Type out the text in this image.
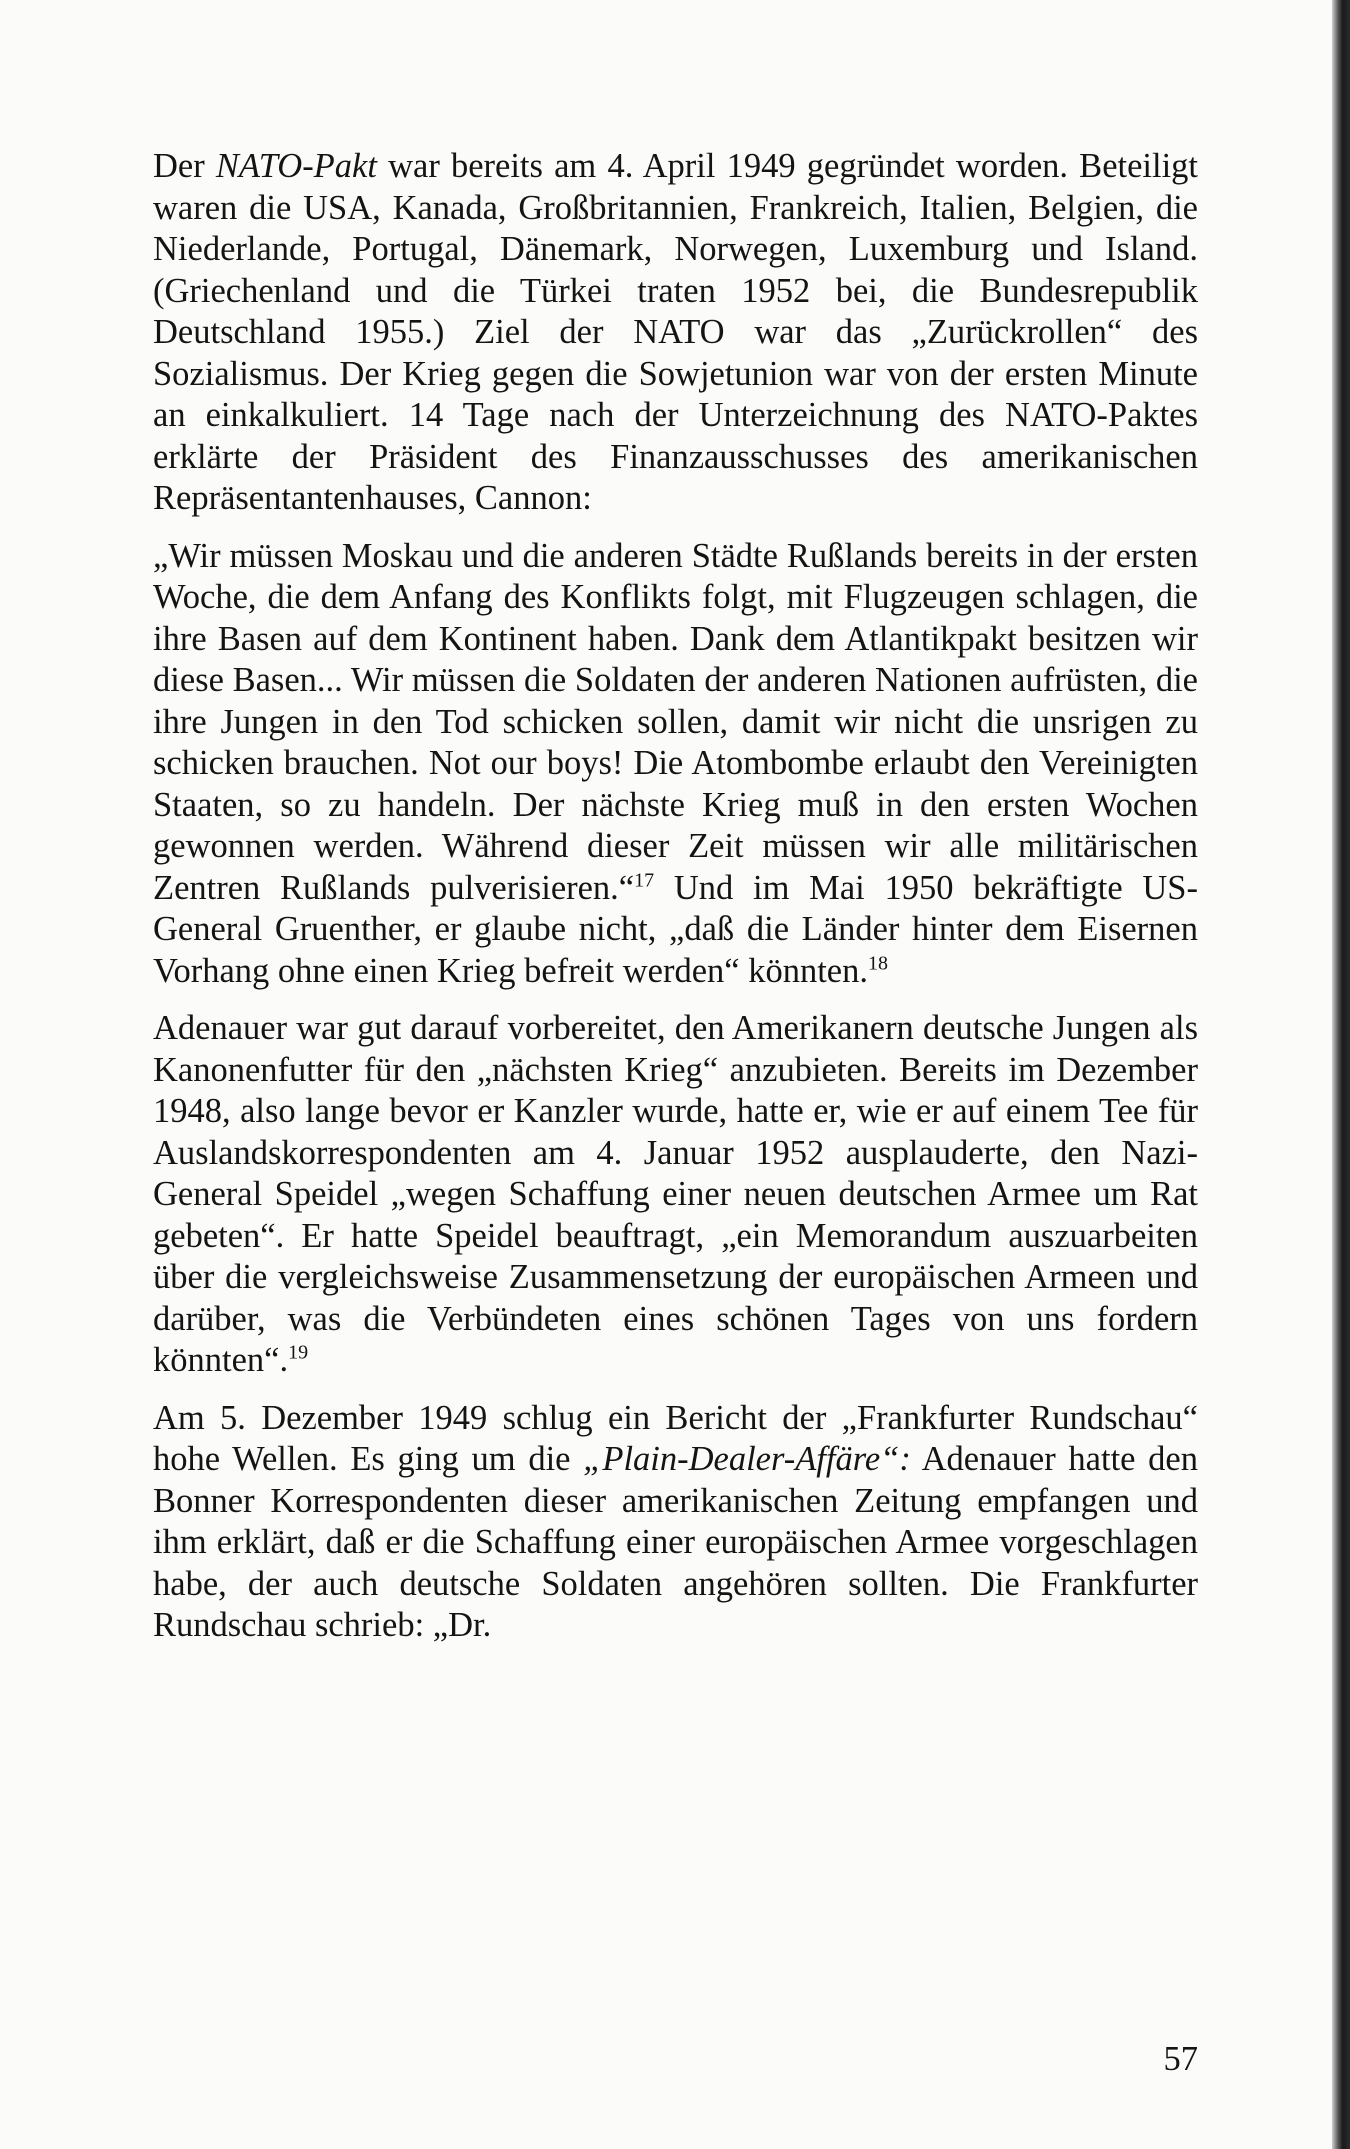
Der NATO-Pakt war bereits am 4. April 1949 gegründet worden. Beteiligt waren die USA, Kanada, Großbritannien, Frankreich, Italien, Belgien, die Niederlande, Portugal, Dänemark, Norwegen, Luxemburg und Island. (Griechenland und die Türkei traten 1952 bei, die Bundesrepublik Deutschland 1955.) Ziel der NATO war das „Zurückrollen“ des Sozialismus. Der Krieg gegen die Sowjetunion war von der ersten Minute an einkalkuliert. 14 Tage nach der Unterzeichnung des NATO-Paktes erklärte der Präsident des Finanzausschusses des amerikanischen Repräsentantenhauses, Cannon:

„Wir müssen Moskau und die anderen Städte Rußlands bereits in der ersten Woche, die dem Anfang des Konflikts folgt, mit Flugzeugen schlagen, die ihre Basen auf dem Kontinent haben. Dank dem Atlantikpakt besitzen wir diese Basen... Wir müssen die Soldaten der anderen Nationen aufrüsten, die ihre Jungen in den Tod schicken sollen, damit wir nicht die unsrigen zu schicken brauchen. Not our boys! Die Atombombe erlaubt den Vereinigten Staaten, so zu handeln. Der nächste Krieg muß in den ersten Wochen gewonnen werden. Während dieser Zeit müssen wir alle militärischen Zentren Rußlands pulverisieren.“$^{17}$ Und im Mai 1950 bekräftigte US-General Gruenther, er glaube nicht, „daß die Länder hinter dem Eisernen Vorhang ohne einen Krieg befreit werden“ könnten.$^{18}$

Adenauer war gut darauf vorbereitet, den Amerikanern deutsche Jungen als Kanonenfutter für den „nächsten Krieg“ anzubieten. Bereits im Dezember 1948, also lange bevor er Kanzler wurde, hatte er, wie er auf einem Tee für Auslandskorrespondenten am 4. Januar 1952 ausplauderte, den Nazi-General Speidel „wegen Schaffung einer neuen deutschen Armee um Rat gebeten“. Er hatte Speidel beauftragt, „ein Memorandum auszuarbeiten über die vergleichsweise Zusammensetzung der europäischen Armeen und darüber, was die Verbündeten eines schönen Tages von uns fordern könnten“.$^{19}$

Am 5. Dezember 1949 schlug ein Bericht der „Frankfurter Rundschau“ hohe Wellen. Es ging um die „Plain-Dealer-Affäre“: Adenauer hatte den Bonner Korrespondenten dieser amerikanischen Zeitung empfangen und ihm erklärt, daß er die Schaffung einer europäischen Armee vorgeschlagen habe, der auch deutsche Soldaten angehören sollten. Die Frankfurter Rundschau schrieb: „Dr.

57
